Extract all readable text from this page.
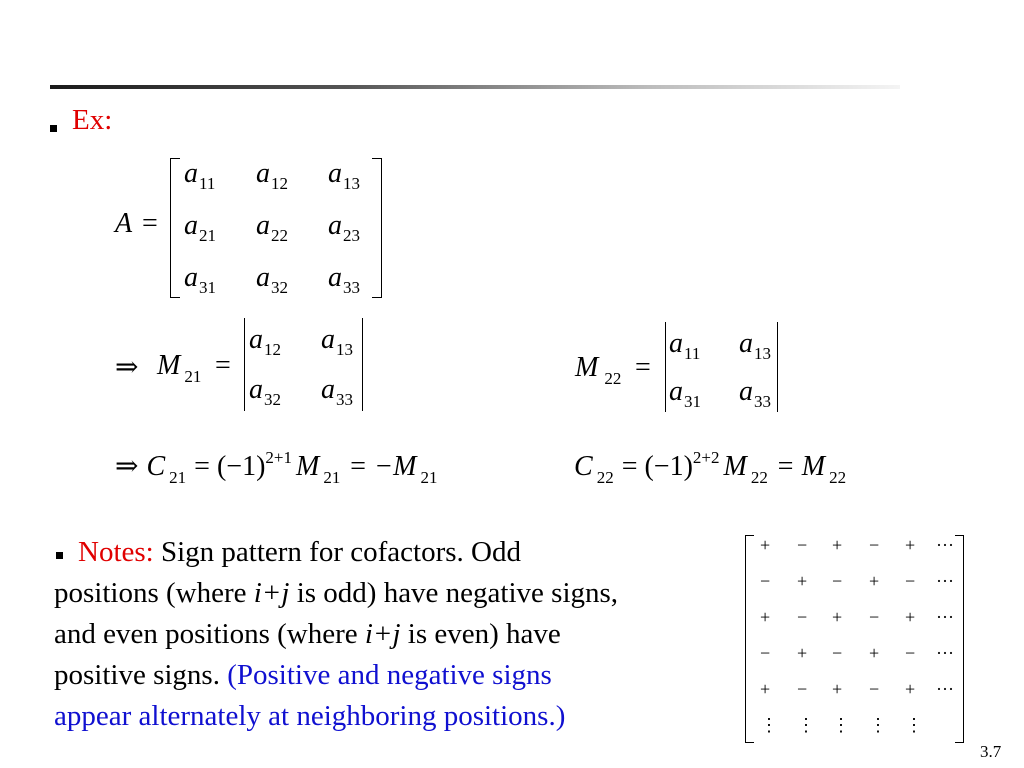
Ex:
A =
$a_{11}$ $a_{12}$ $a_{13}$
$a_{21}$ $a_{22}$ $a_{23}$
$a_{31}$ $a_{32}$ $a_{33}$
⇒ M $_{21}$ =
$a_{12}$ $a_{13}$
$a_{32}$ $a_{33}$
M $_{22}$ =
$a_{11}$ $a_{13}$
$a_{31}$ $a_{33}$
⇒ C 21 = (−1)2+1 M 21 = −M 21	C 22 = (−1)2+2 M 22 = M 22
Notes: Sign pattern for cofactors. Odd
positions (where i+j is odd) have negative signs,
and even positions (where i+j is even) have
positive signs. (Positive and negative signs
appear alternately at neighboring positions.)
+ − + − + ···
− + − + − ···
+ − + − + ···
− + − + − ···
+ − + − + ···
⋮ ⋮ ⋮ ⋮ ⋮
3.7
